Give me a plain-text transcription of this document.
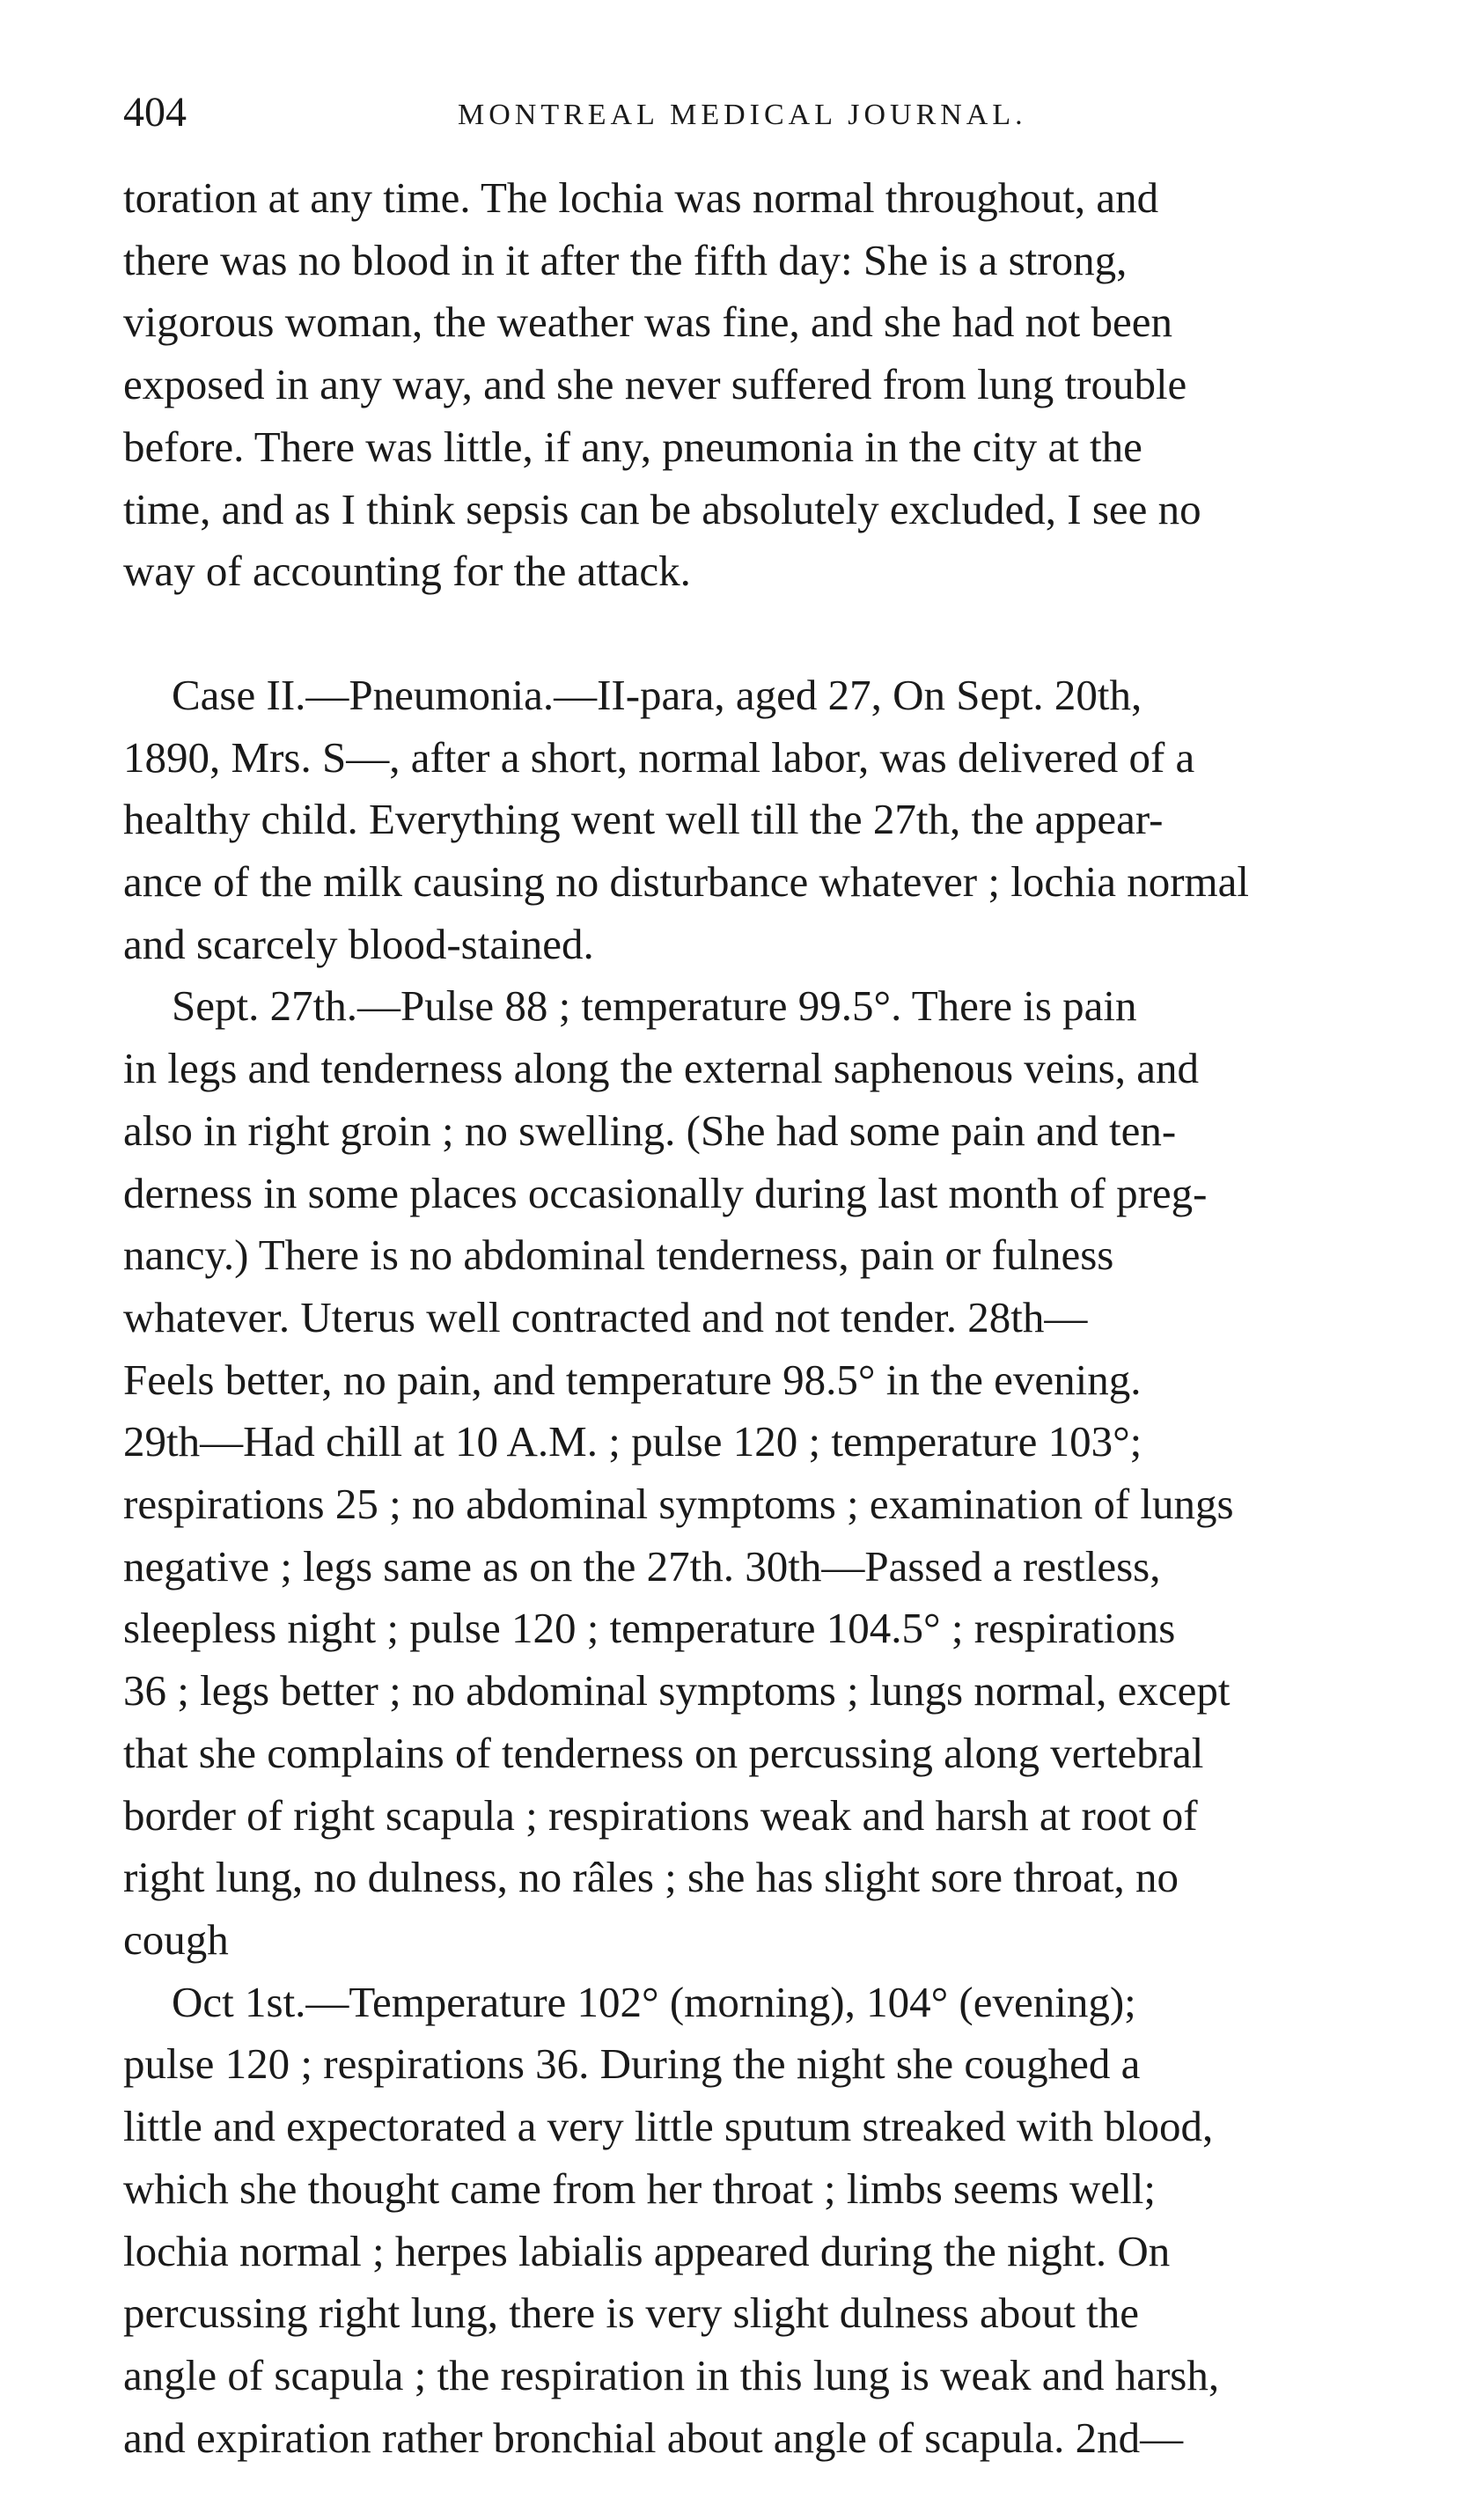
404	MONTREAL MEDICAL JOURNAL.
toration at any time. The lochia was normal throughout, and
there was no blood in it after the fifth day: She is a strong,
vigorous woman, the weather was fine, and she had not been
exposed in any way, and she never suffered from lung trouble
before. There was little, if any, pneumonia in the city at the
time, and as I think sepsis can be absolutely excluded, I see no
way of accounting for the attack.
Case II.—Pneumonia.—II-para, aged 27, On Sept. 20th,
1890, Mrs. S—, after a short, normal labor, was delivered of a
healthy child. Everything went well till the 27th, the appear-
ance of the milk causing no disturbance whatever ; lochia normal
and scarcely blood-stained.
Sept. 27th.—Pulse 88 ; temperature 99.5°. There is pain
in legs and tenderness along the external saphenous veins, and
also in right groin ; no swelling. (She had some pain and ten-
derness in some places occasionally during last month of preg-
nancy.) There is no abdominal tenderness, pain or fulness
whatever. Uterus well contracted and not tender. 28th—
Feels better, no pain, and temperature 98.5° in the evening.
29th—Had chill at 10 A.M. ; pulse 120 ; temperature 103°;
respirations 25 ; no abdominal symptoms ; examination of lungs
negative ; legs same as on the 27th. 30th—Passed a restless,
sleepless night ; pulse 120 ; temperature 104.5° ; respirations
36 ; legs better ; no abdominal symptoms ; lungs normal, except
that she complains of tenderness on percussing along vertebral
border of right scapula ; respirations weak and harsh at root of
right lung, no dulness, no râles ; she has slight sore throat, no
cough
Oct 1st.—Temperature 102° (morning), 104° (evening);
pulse 120 ; respirations 36. During the night she coughed a
little and expectorated a very little sputum streaked with blood,
which she thought came from her throat ; limbs seems well;
lochia normal ; herpes labialis appeared during the night. On
percussing right lung, there is very slight dulness about the
angle of scapula ; the respiration in this lung is weak and harsh,
and expiration rather bronchial about angle of scapula. 2nd—
